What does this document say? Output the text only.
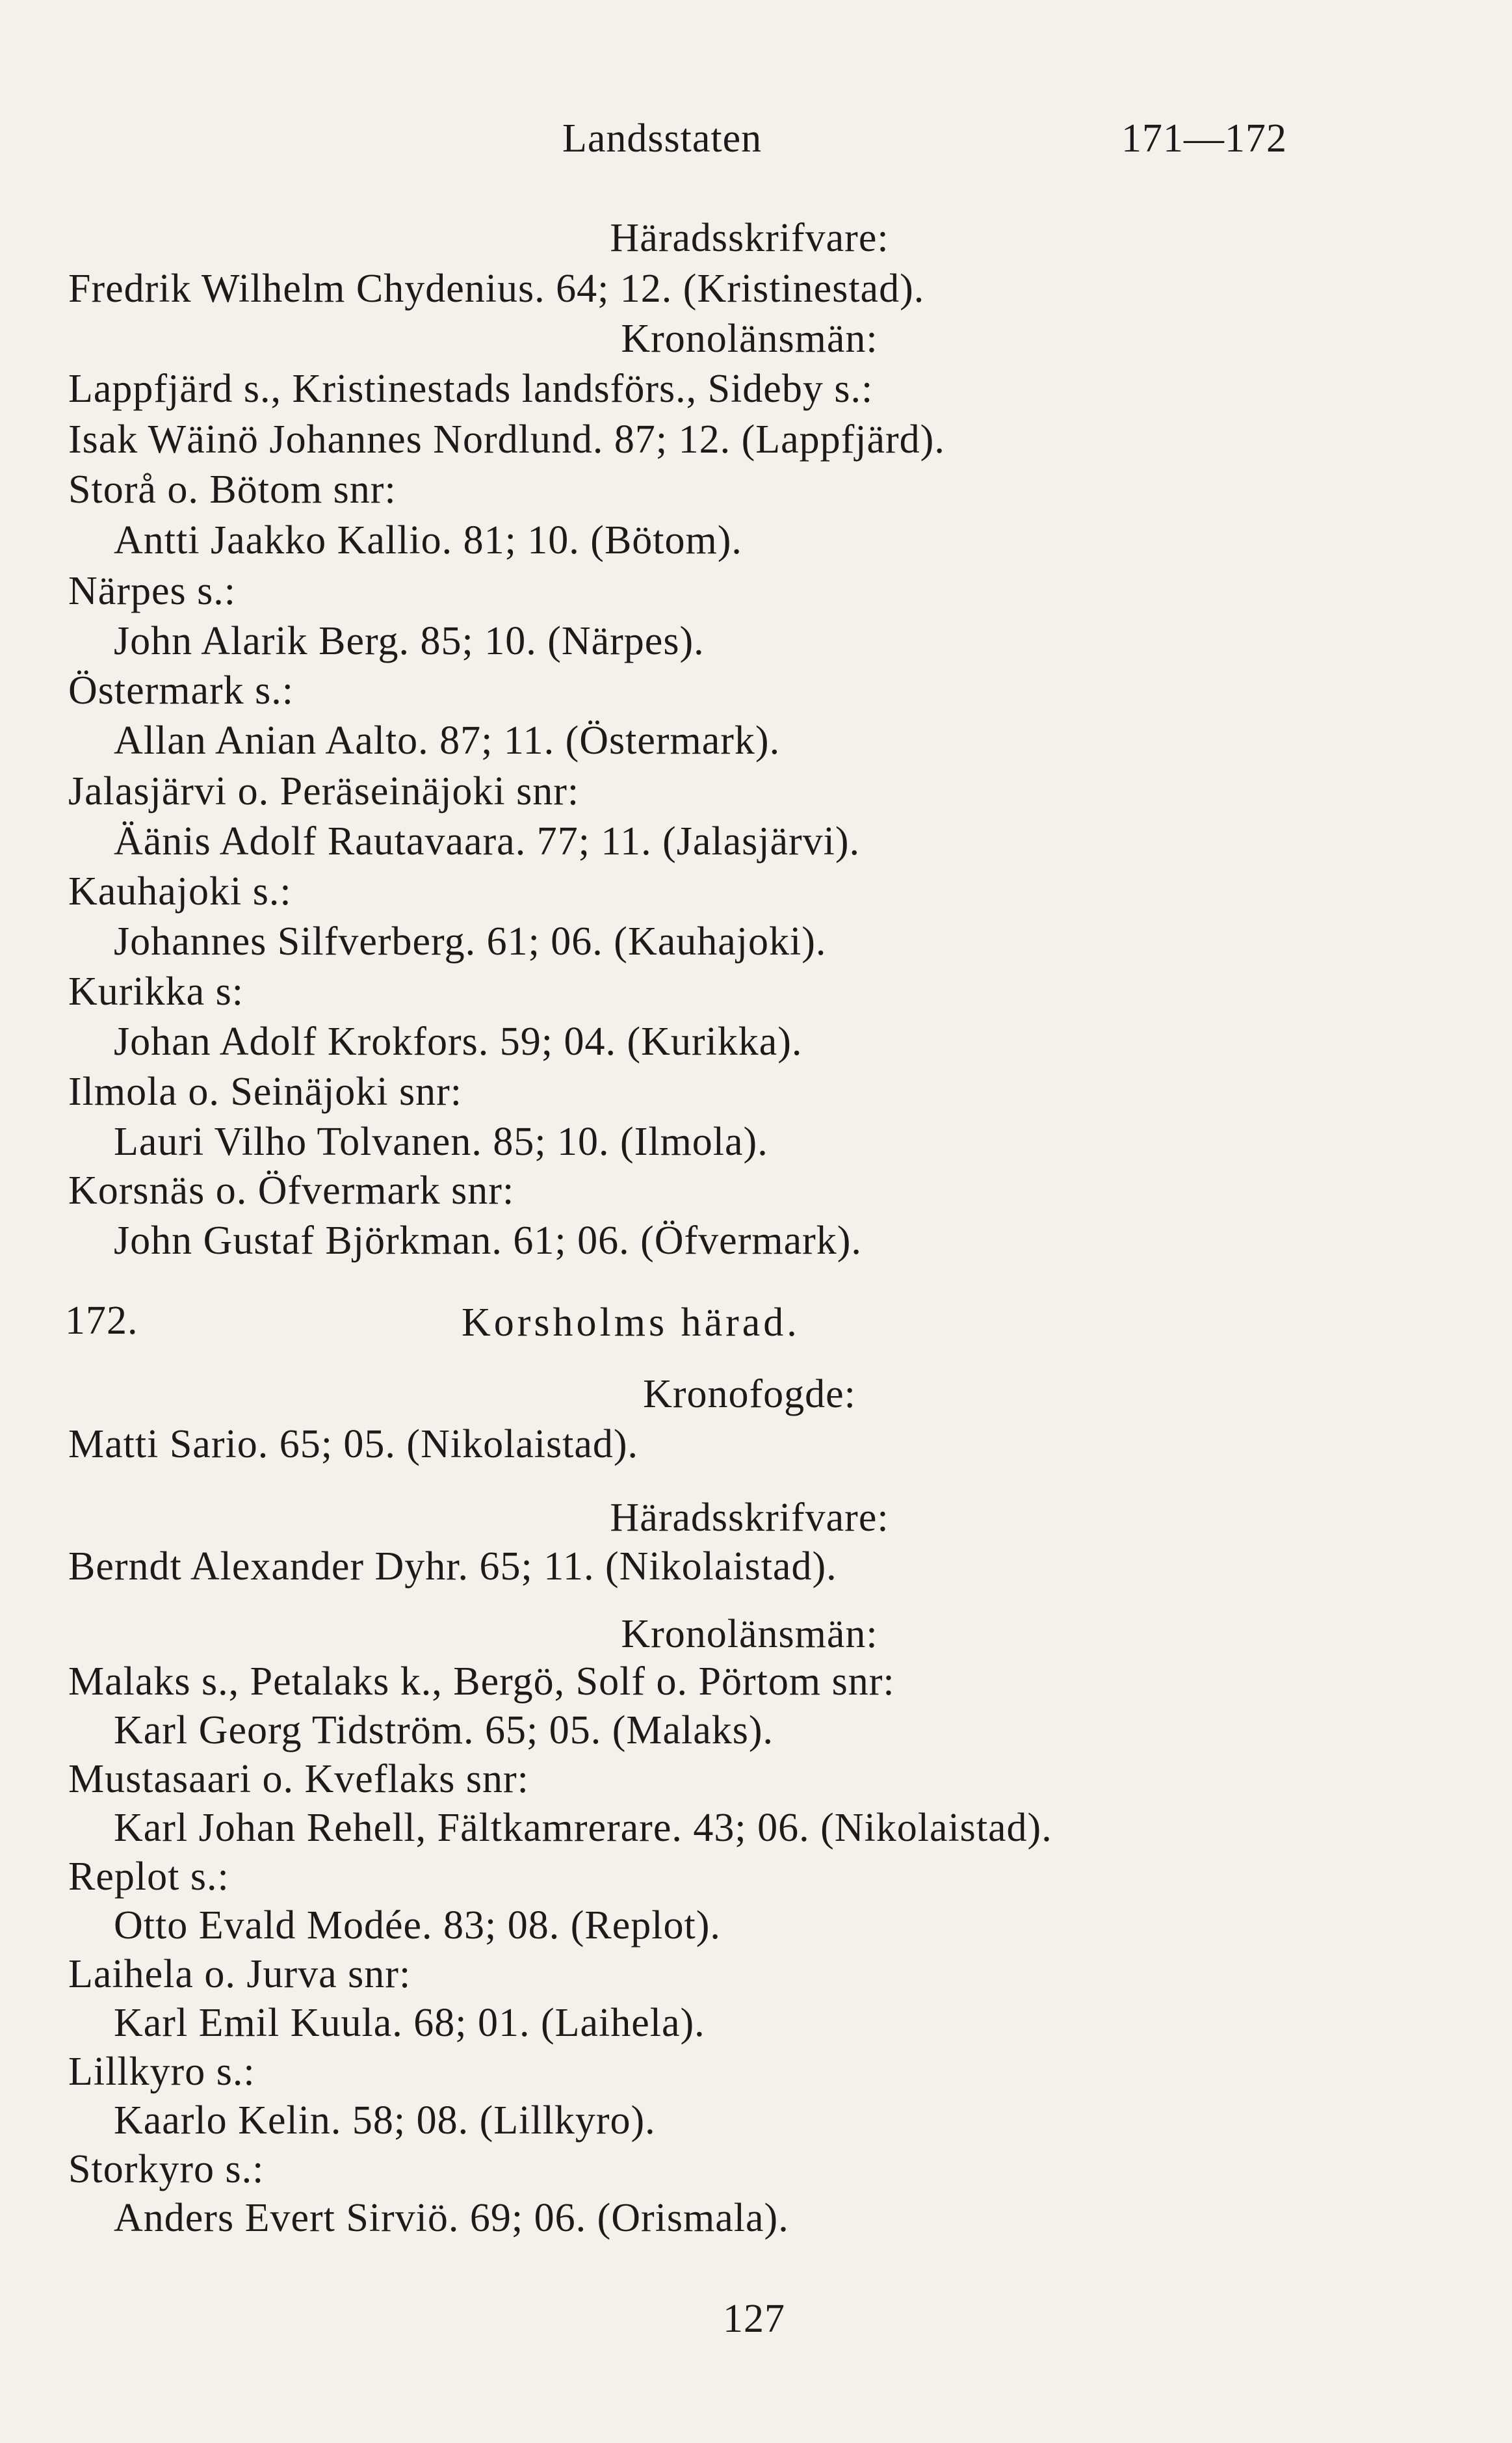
Landsstaten	171—172
Häradsskrifvare:
Fredrik Wilhelm Chydenius. 64; 12. (Kristinestad).
Kronolänsmän:
Lappfjärd s., Kristinestads landsförs., Sideby s.:
Isak Wäinö Johannes Nordlund. 87; 12. (Lappfjärd).
Storå o. Bötom snr:
Antti Jaakko Kallio. 81; 10. (Bötom).
Närpes s.:
John Alarik Berg. 85; 10. (Närpes).
Östermark s.:
Allan Anian Aalto. 87; 11. (Östermark).
Jalasjärvi o. Peräseinäjoki snr:
Äänis Adolf Rautavaara. 77; 11. (Jalasjärvi).
Kauhajoki s.:
Johannes Silfverberg. 61; 06. (Kauhajoki).
Kurikka s:
Johan Adolf Krokfors. 59; 04. (Kurikka).
Ilmola o. Seinäjoki snr:
Lauri Vilho Tolvanen. 85; 10. (Ilmola).
Korsnäs o. Öfvermark snr:
John Gustaf Björkman. 61; 06. (Öfvermark).
172.	Korsholms härad.
Kronofogde:
Matti Sario. 65; 05. (Nikolaistad).
Häradsskrifvare:
Berndt Alexander Dyhr. 65; 11. (Nikolaistad).
Kronolänsmän:
Malaks s., Petalaks k., Bergö, Solf o. Pörtom snr:
Karl Georg Tidström. 65; 05. (Malaks).
Mustasaari o. Kveflaks snr:
Karl Johan Rehell, Fältkamrerare. 43; 06. (Nikolaistad).
Replot s.:
Otto Evald Modée. 83; 08. (Replot).
Laihela o. Jurva snr:
Karl Emil Kuula. 68; 01. (Laihela).
Lillkyro s.:
Kaarlo Kelin. 58; 08. (Lillkyro).
Storkyro s.:
Anders Evert Sirviö. 69; 06. (Orismala).
127
